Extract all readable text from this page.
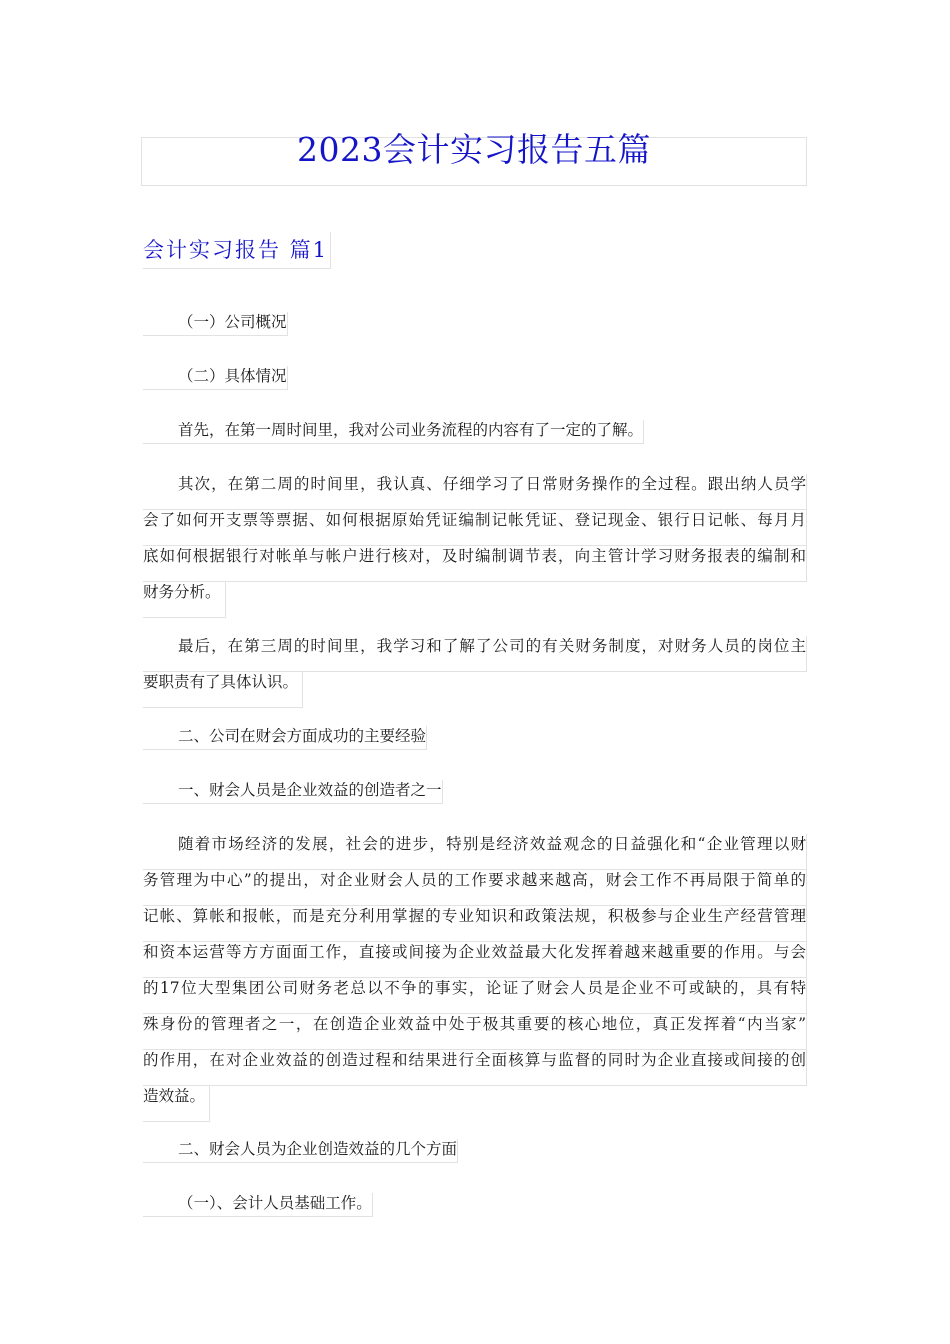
2023会计实习报告五篇
会计实习报告 篇1
（一）公司概况
（二）具体情况
首先，在第一周时间里，我对公司业务流程的内容有了一定的了解。
其次，在第二周的时间里，我认真、仔细学习了日常财务操作的全过程。跟出纳人员学
会了如何开支票等票据、如何根据原始凭证编制记帐凭证、登记现金、银行日记帐、每月月
底如何根据银行对帐单与帐户进行核对，及时编制调节表，向主管计学习财务报表的编制和
财务分析。
最后，在第三周的时间里，我学习和了解了公司的有关财务制度，对财务人员的岗位主
要职责有了具体认识。
二、公司在财会方面成功的主要经验
一、财会人员是企业效益的创造者之一
随着市场经济的发展，社会的进步，特别是经济效益观念的日益强化和“企业管理以财
务管理为中心”的提出，对企业财会人员的工作要求越来越高，财会工作不再局限于简单的
记帐、算帐和报帐，而是充分利用掌握的专业知识和政策法规，积极参与企业生产经营管理
和资本运营等方方面面工作，直接或间接为企业效益最大化发挥着越来越重要的作用。与会
的17位大型集团公司财务老总以不争的事实，论证了财会人员是企业不可或缺的，具有特
殊身份的管理者之一，在创造企业效益中处于极其重要的核心地位，真正发挥着“内当家”
的作用，在对企业效益的创造过程和结果进行全面核算与监督的同时为企业直接或间接的创
造效益。
二、财会人员为企业创造效益的几个方面
（一）、会计人员基础工作。
